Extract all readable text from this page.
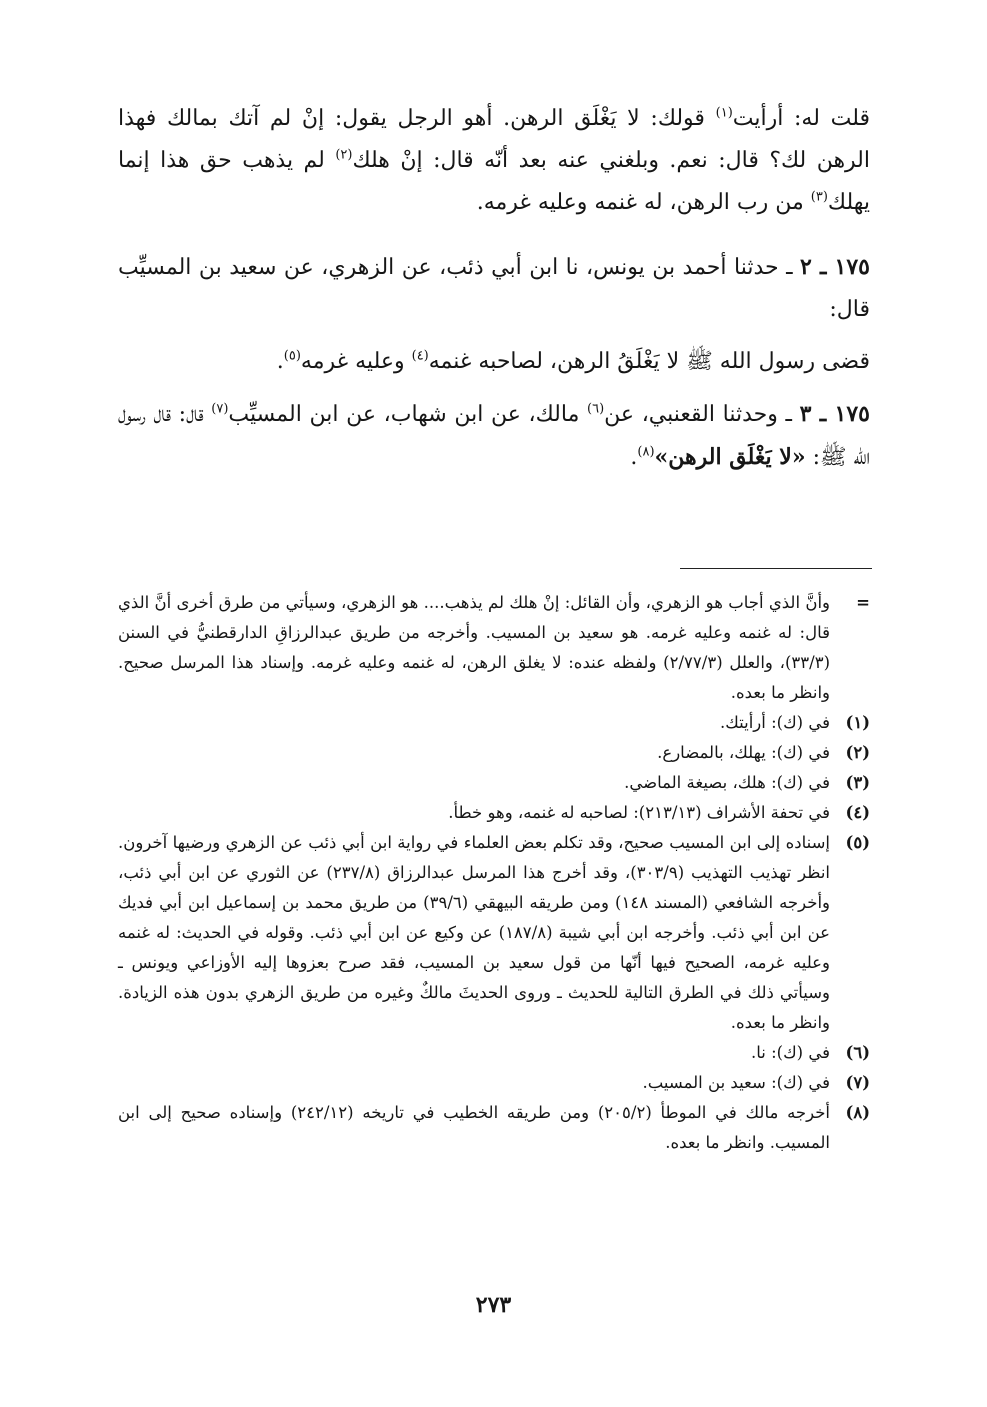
قلت له: أرأيت$^{(١)}$ قولك: لا يَغْلَق الرهن. أهو الرجل يقول: إنْ لم آتك بمالك فهذا الرهن لك؟ قال: نعم. وبلغني عنه بعد أنّه قال: إنْ هلك$^{(٢)}$ لم يذهب حق هذا إنما يهلك$^{(٣)}$ من رب الرهن، له غنمه وعليه غرمه.

١٧٥ ـ ٢ ـ حدثنا أحمد بن يونس، نا ابن أبي ذئب، عن الزهري، عن سعيد بن المسيِّب قال:

قضى رسول الله ﷺ لا يَغْلَقُ الرهن، لصاحبه غنمه$^{(٤)}$ وعليه غرمه$^{(٥)}$.

١٧٥ ـ ٣ ـ وحدثنا القعنبي، عن$^{(٦)}$ مالك، عن ابن شهاب، عن ابن المسيِّب$^{(٧)}$ قال: قال رسول الله ﷺ: «لا يَغْلَق الرهن»$^{(٨)}$.

=
وأنَّ الذي أجاب هو الزهري، وأن القائل: إنْ هلك لم يذهب.... هو الزهري، وسيأتي من طرق أخرى أنَّ الذي قال: له غنمه وعليه غرمه. هو سعيد بن المسيب. وأخرجه من طريق عبدالرزاقِ الدارقطنيُّ في السنن (٣٣/٣)، والعلل (٢/٧٧/٣) ولفظه عنده: لا يغلق الرهن، له غنمه وعليه غرمه. وإسناد هذا المرسل صحيح. وانظر ما بعده.
(١)
في (ك): أرأيتك.
(٢)
في (ك): يهلك، بالمضارع.
(٣)
في (ك): هلك، بصيغة الماضي.
(٤)
في تحفة الأشراف (٢١٣/١٣): لصاحبه له غنمه، وهو خطأ.
(٥)
إسناده إلى ابن المسيب صحيح، وقد تكلم بعض العلماء في رواية ابن أبي ذئب عن الزهري ورضيها آخرون. انظر تهذيب التهذيب (٣٠٣/٩)، وقد أخرج هذا المرسل عبدالرزاق (٢٣٧/٨) عن الثوري عن ابن أبي ذئب، وأخرجه الشافعي (المسند ١٤٨) ومن طريقه البيهقي (٣٩/٦) من طريق محمد بن إسماعيل ابن أبي فديك عن ابن أبي ذئب. وأخرجه ابن أبي شيبة (١٨٧/٨) عن وكيع عن ابن أبي ذئب. وقوله في الحديث: له غنمه وعليه غرمه، الصحيح فيها أنّها من قول سعيد بن المسيب، فقد صرح بعزوها إليه الأوزاعي ويونس ـ وسيأتي ذلك في الطرق التالية للحديث ـ وروى الحديثَ مالكٌ وغيره من طريق الزهري بدون هذه الزيادة. وانظر ما بعده.
(٦)
في (ك): نا.
(٧)
في (ك): سعيد بن المسيب.
(٨)
أخرجه مالك في الموطأ (٢٠٥/٢) ومن طريقه الخطيب في تاريخه (٢٤٢/١٢) وإسناده صحيح إلى ابن المسيب. وانظر ما بعده.
٢٧٣
